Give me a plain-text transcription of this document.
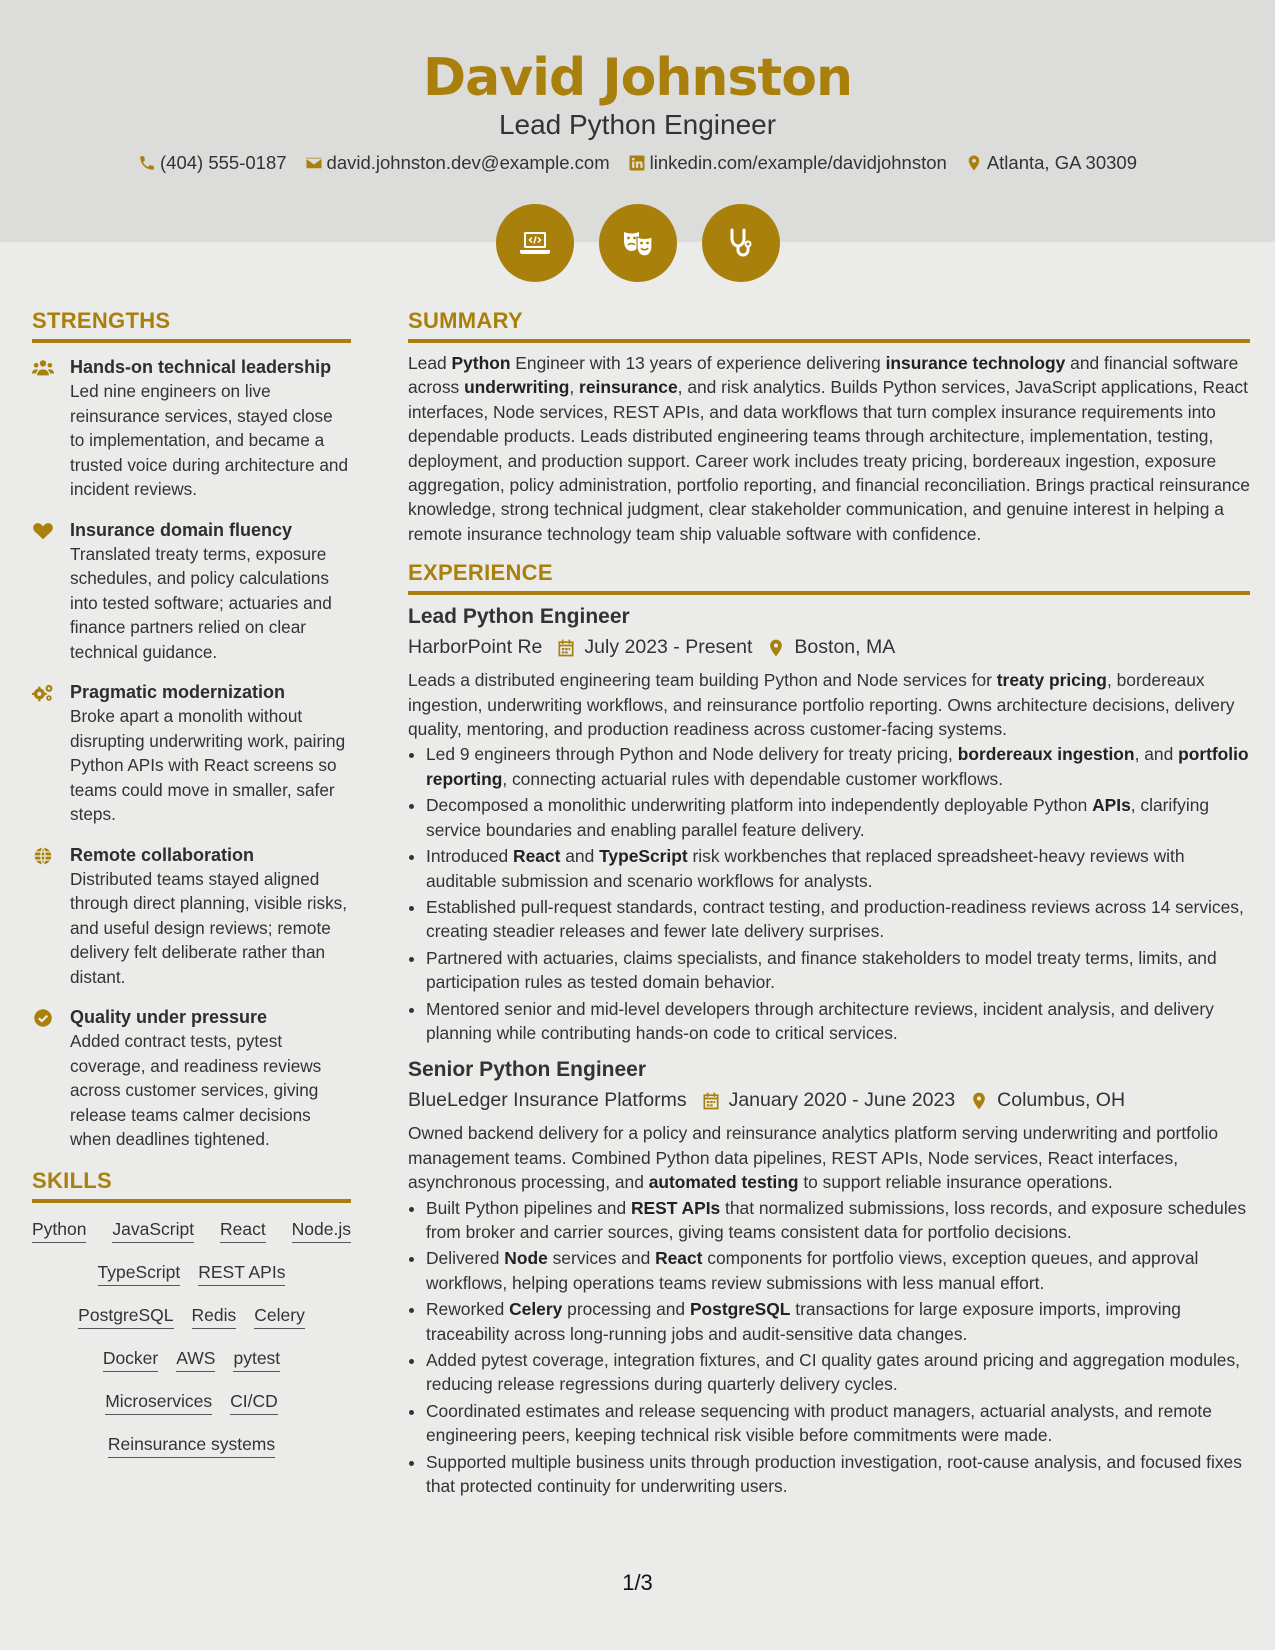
David Johnston
Lead Python Engineer
(404) 555-0187 david.johnston.dev@example.com linkedin.com/example/davidjohnston Atlanta, GA 30309
STRENGTHS
Hands-on technical leadership
Led nine engineers on live reinsurance services, stayed close to implementation, and became a trusted voice during architecture and incident reviews.
Insurance domain fluency
Translated treaty terms, exposure schedules, and policy calculations into tested software; actuaries and finance partners relied on clear technical guidance.
Pragmatic modernization
Broke apart a monolith without disrupting underwriting work, pairing Python APIs with React screens so teams could move in smaller, safer steps.
Remote collaboration
Distributed teams stayed aligned through direct planning, visible risks, and useful design reviews; remote delivery felt deliberate rather than distant.
Quality under pressure
Added contract tests, pytest coverage, and readiness reviews across customer services, giving release teams calmer decisions when deadlines tightened.
SKILLS
Python JavaScript React Node.js
TypeScript REST APIs
PostgreSQL Redis Celery
Docker AWS pytest
Microservices CI/CD
Reinsurance systems
SUMMARY

Lead Python Engineer with 13 years of experience delivering insurance technology and financial software across underwriting, reinsurance, and risk analytics. Builds Python services, JavaScript applications, React interfaces, Node services, REST APIs, and data workflows that turn complex insurance requirements into dependable products. Leads distributed engineering teams through architecture, implementation, testing, deployment, and production support. Career work includes treaty pricing, bordereaux ingestion, exposure aggregation, policy administration, portfolio reporting, and financial reconciliation. Brings practical reinsurance knowledge, strong technical judgment, clear stakeholder communication, and genuine interest in helping a remote insurance technology team ship valuable software with confidence.

EXPERIENCE
Lead Python Engineer
HarborPoint Re July 2023 - Present Boston, MA

Leads a distributed engineering team building Python and Node services for treaty pricing, bordereaux ingestion, underwriting workflows, and reinsurance portfolio reporting. Owns architecture decisions, delivery quality, mentoring, and production readiness across customer-facing systems.

• Led 9 engineers through Python and Node delivery for treaty pricing, bordereaux ingestion, and portfolio reporting, connecting actuarial rules with dependable customer workflows.
• Decomposed a monolithic underwriting platform into independently deployable Python APIs, clarifying service boundaries and enabling parallel feature delivery.
• Introduced React and TypeScript risk workbenches that replaced spreadsheet-heavy reviews with auditable submission and scenario workflows for analysts.
• Established pull-request standards, contract testing, and production-readiness reviews across 14 services, creating steadier releases and fewer late delivery surprises.
• Partnered with actuaries, claims specialists, and finance stakeholders to model treaty terms, limits, and participation rules as tested domain behavior.
• Mentored senior and mid-level developers through architecture reviews, incident analysis, and delivery planning while contributing hands-on code to critical services.
Senior Python Engineer
BlueLedger Insurance Platforms January 2020 - June 2023 Columbus, OH

Owned backend delivery for a policy and reinsurance analytics platform serving underwriting and portfolio management teams. Combined Python data pipelines, REST APIs, Node services, React interfaces, asynchronous processing, and automated testing to support reliable insurance operations.

• Built Python pipelines and REST APIs that normalized submissions, loss records, and exposure schedules from broker and carrier sources, giving teams consistent data for portfolio decisions.
• Delivered Node services and React components for portfolio views, exception queues, and approval workflows, helping operations teams review submissions with less manual effort.
• Reworked Celery processing and PostgreSQL transactions for large exposure imports, improving traceability across long-running jobs and audit-sensitive data changes.
• Added pytest coverage, integration fixtures, and CI quality gates around pricing and aggregation modules, reducing release regressions during quarterly delivery cycles.
• Coordinated estimates and release sequencing with product managers, actuarial analysts, and remote engineering peers, keeping technical risk visible before commitments were made.
• Supported multiple business units through production investigation, root-cause analysis, and focused fixes that protected continuity for underwriting users.
1/3
